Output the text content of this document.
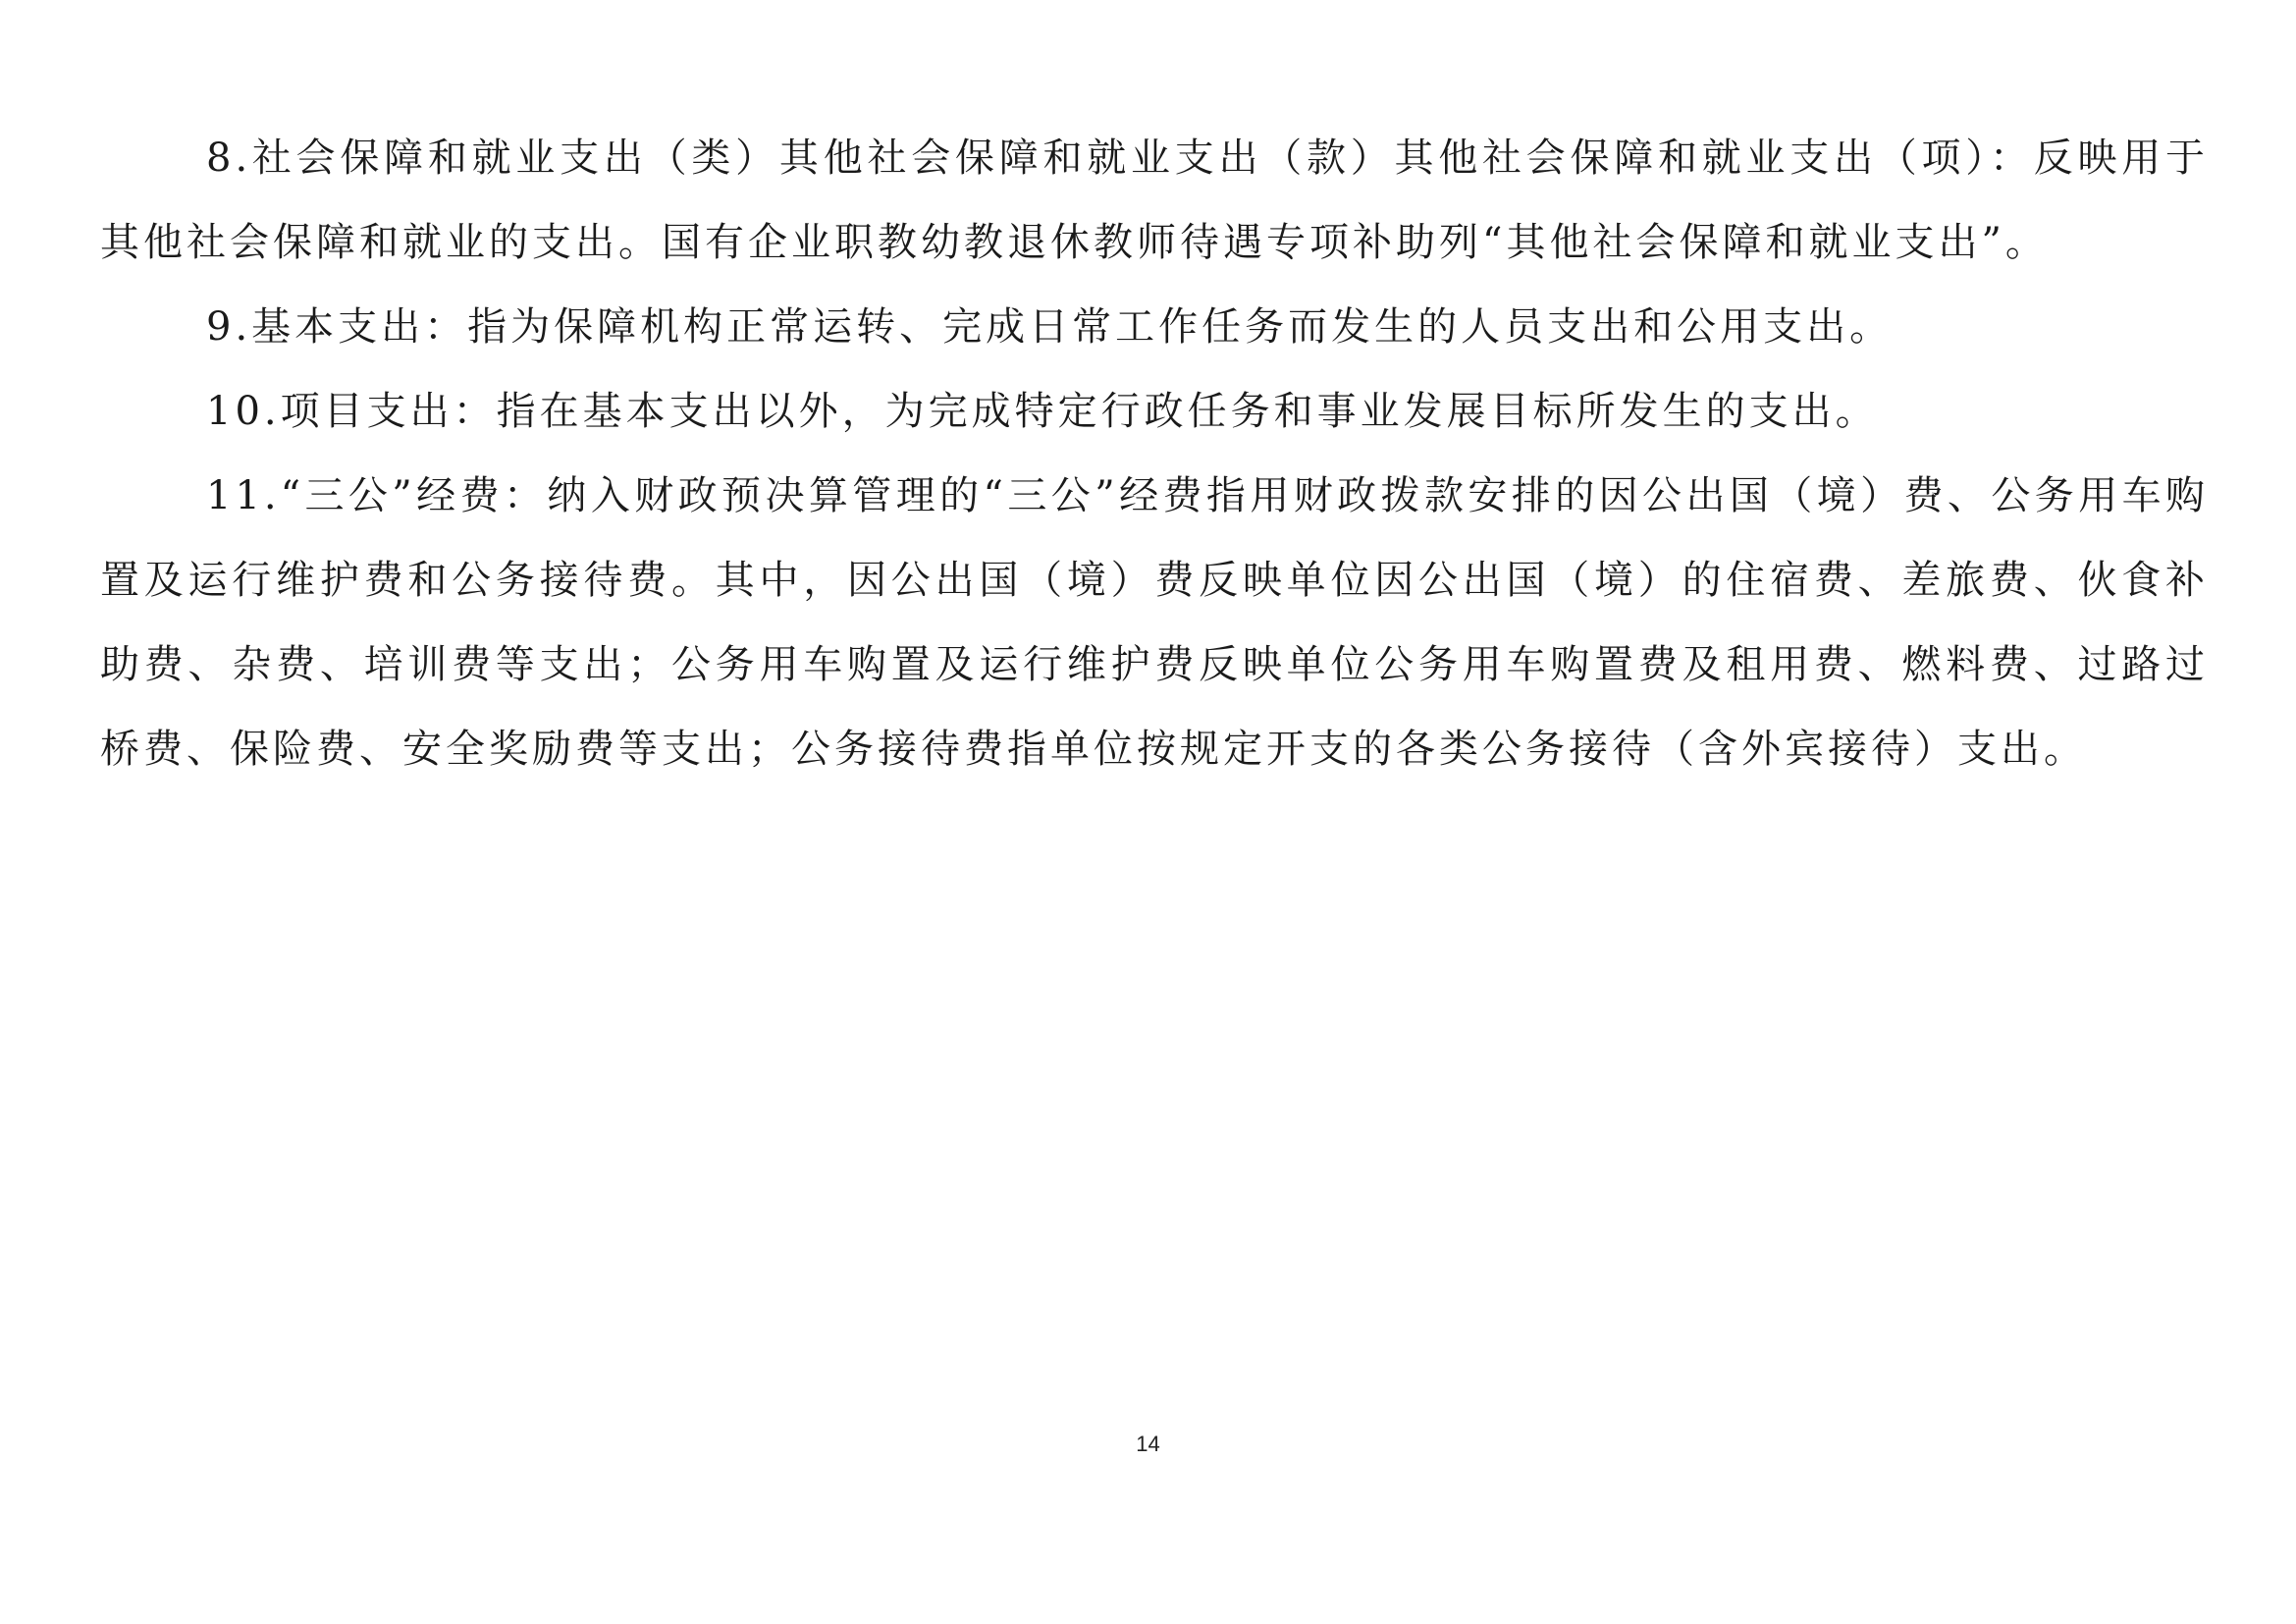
8.社会保障和就业支出（类）其他社会保障和就业支出（款）其他社会保障和就业支出（项）：反映用于其他社会保障和就业的支出。国有企业职教幼教退休教师待遇专项补助列“其他社会保障和就业支出”。

9.基本支出：指为保障机构正常运转、完成日常工作任务而发生的人员支出和公用支出。

10.项目支出：指在基本支出以外，为完成特定行政任务和事业发展目标所发生的支出。

11.“三公”经费：纳入财政预决算管理的“三公”经费指用财政拨款安排的因公出国（境）费、公务用车购置及运行维护费和公务接待费。其中，因公出国（境）费反映单位因公出国（境）的住宿费、差旅费、伙食补助费、杂费、培训费等支出；公务用车购置及运行维护费反映单位公务用车购置费及租用费、燃料费、过路过桥费、保险费、安全奖励费等支出；公务接待费指单位按规定开支的各类公务接待（含外宾接待）支出。

14
